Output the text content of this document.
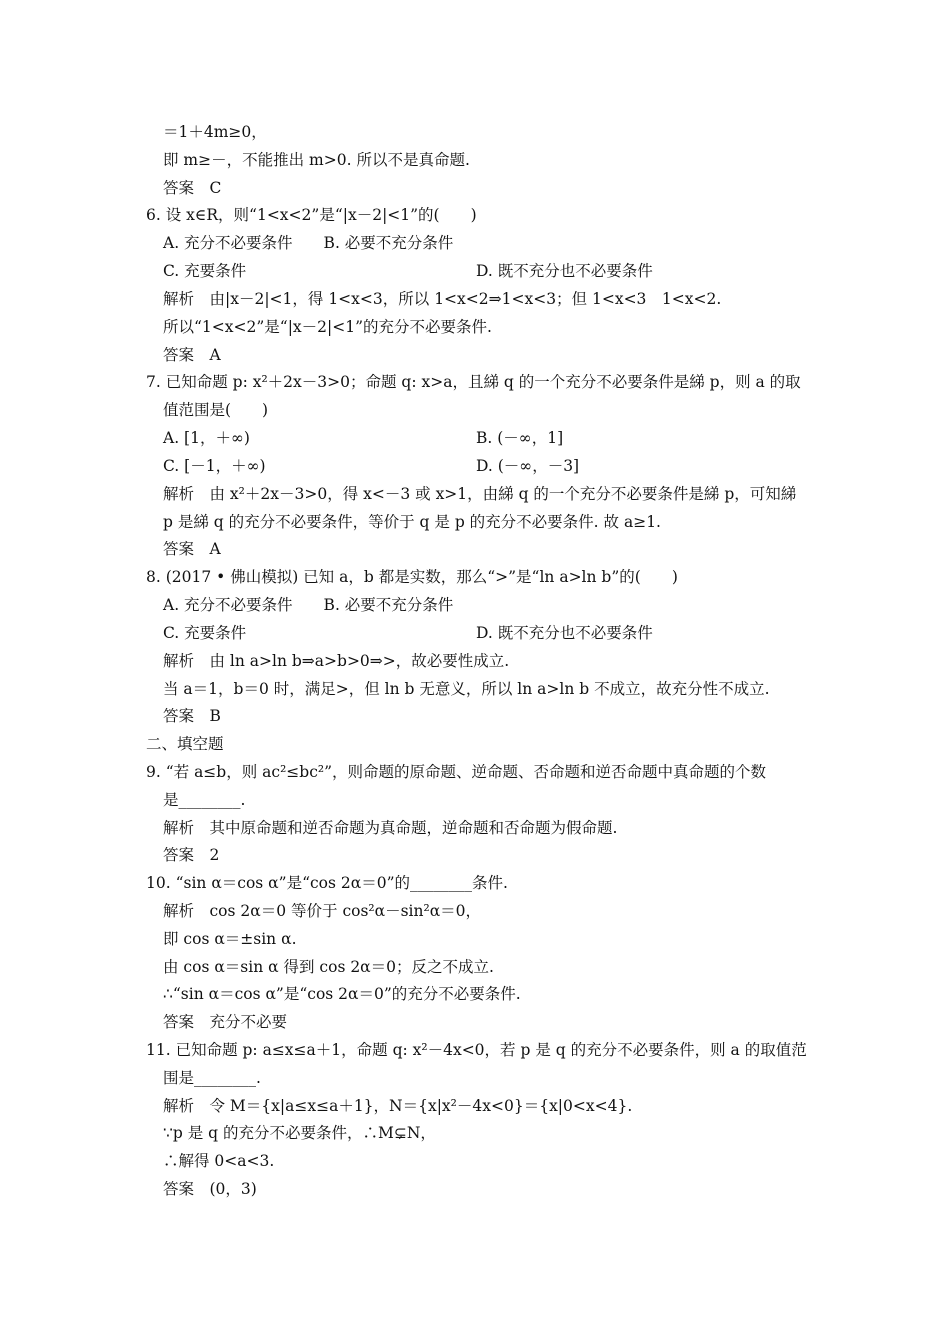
＝1＋4m≥0，
即 m≥－，不能推出 m>0. 所以不是真命题.
答案　C
6. 设 x∈R，则“1<x<2”是“|x－2|<1”的(　　)
A. 充分不必要条件　　B. 必要不充分条件
C. 充要条件	D. 既不充分也不必要条件
解析　由|x－2|<1，得 1<x<3，所以 1<x<2⇒1<x<3；但 1<x<3　1<x<2.
所以“1<x<2”是“|x－2|<1”的充分不必要条件.
答案　A
7. 已知命题 p: x²＋2x－3>0；命题 q: x>a，且綈 q 的一个充分不必要条件是綈 p，则 a 的取
值范围是(　　)
A. [1，＋∞)	B. (－∞，1]
C. [－1，＋∞)	D. (－∞，－3]
解析　由 x²＋2x－3>0，得 x<－3 或 x>1，由綈 q 的一个充分不必要条件是綈 p，可知綈
p 是綈 q 的充分不必要条件，等价于 q 是 p 的充分不必要条件. 故 a≥1.
答案　A
8. (2017 • 佛山模拟) 已知 a，b 都是实数，那么“>”是“ln a>ln b”的(　　)
A. 充分不必要条件　　B. 必要不充分条件
C. 充要条件	D. 既不充分也不必要条件
解析　由 ln a>ln b⇒a>b>0⇒>，故必要性成立.
当 a＝1，b＝0 时，满足>，但 ln b 无意义，所以 ln a>ln b 不成立，故充分性不成立.
答案　B
二、填空题
9. “若 a≤b，则 ac²≤bc²”，则命题的原命题、逆命题、否命题和逆否命题中真命题的个数
是________.
解析　其中原命题和逆否命题为真命题，逆命题和否命题为假命题.
答案　2
10. “sin α＝cos α”是“cos 2α＝0”的________条件.
解析　cos 2α＝0 等价于 cos²α－sin²α＝0，
即 cos α＝±sin α.
由 cos α＝sin α 得到 cos 2α＝0；反之不成立.
∴“sin α＝cos α”是“cos 2α＝0”的充分不必要条件.
答案　充分不必要
11. 已知命题 p: a≤x≤a＋1，命题 q: x²－4x<0，若 p 是 q 的充分不必要条件，则 a 的取值范
围是________.
解析　令 M＝{x|a≤x≤a＋1}，N＝{x|x²－4x<0}＝{x|0<x<4}.
∵p 是 q 的充分不必要条件，∴M⊊N，
∴解得 0<a<3.
答案　(0，3)
